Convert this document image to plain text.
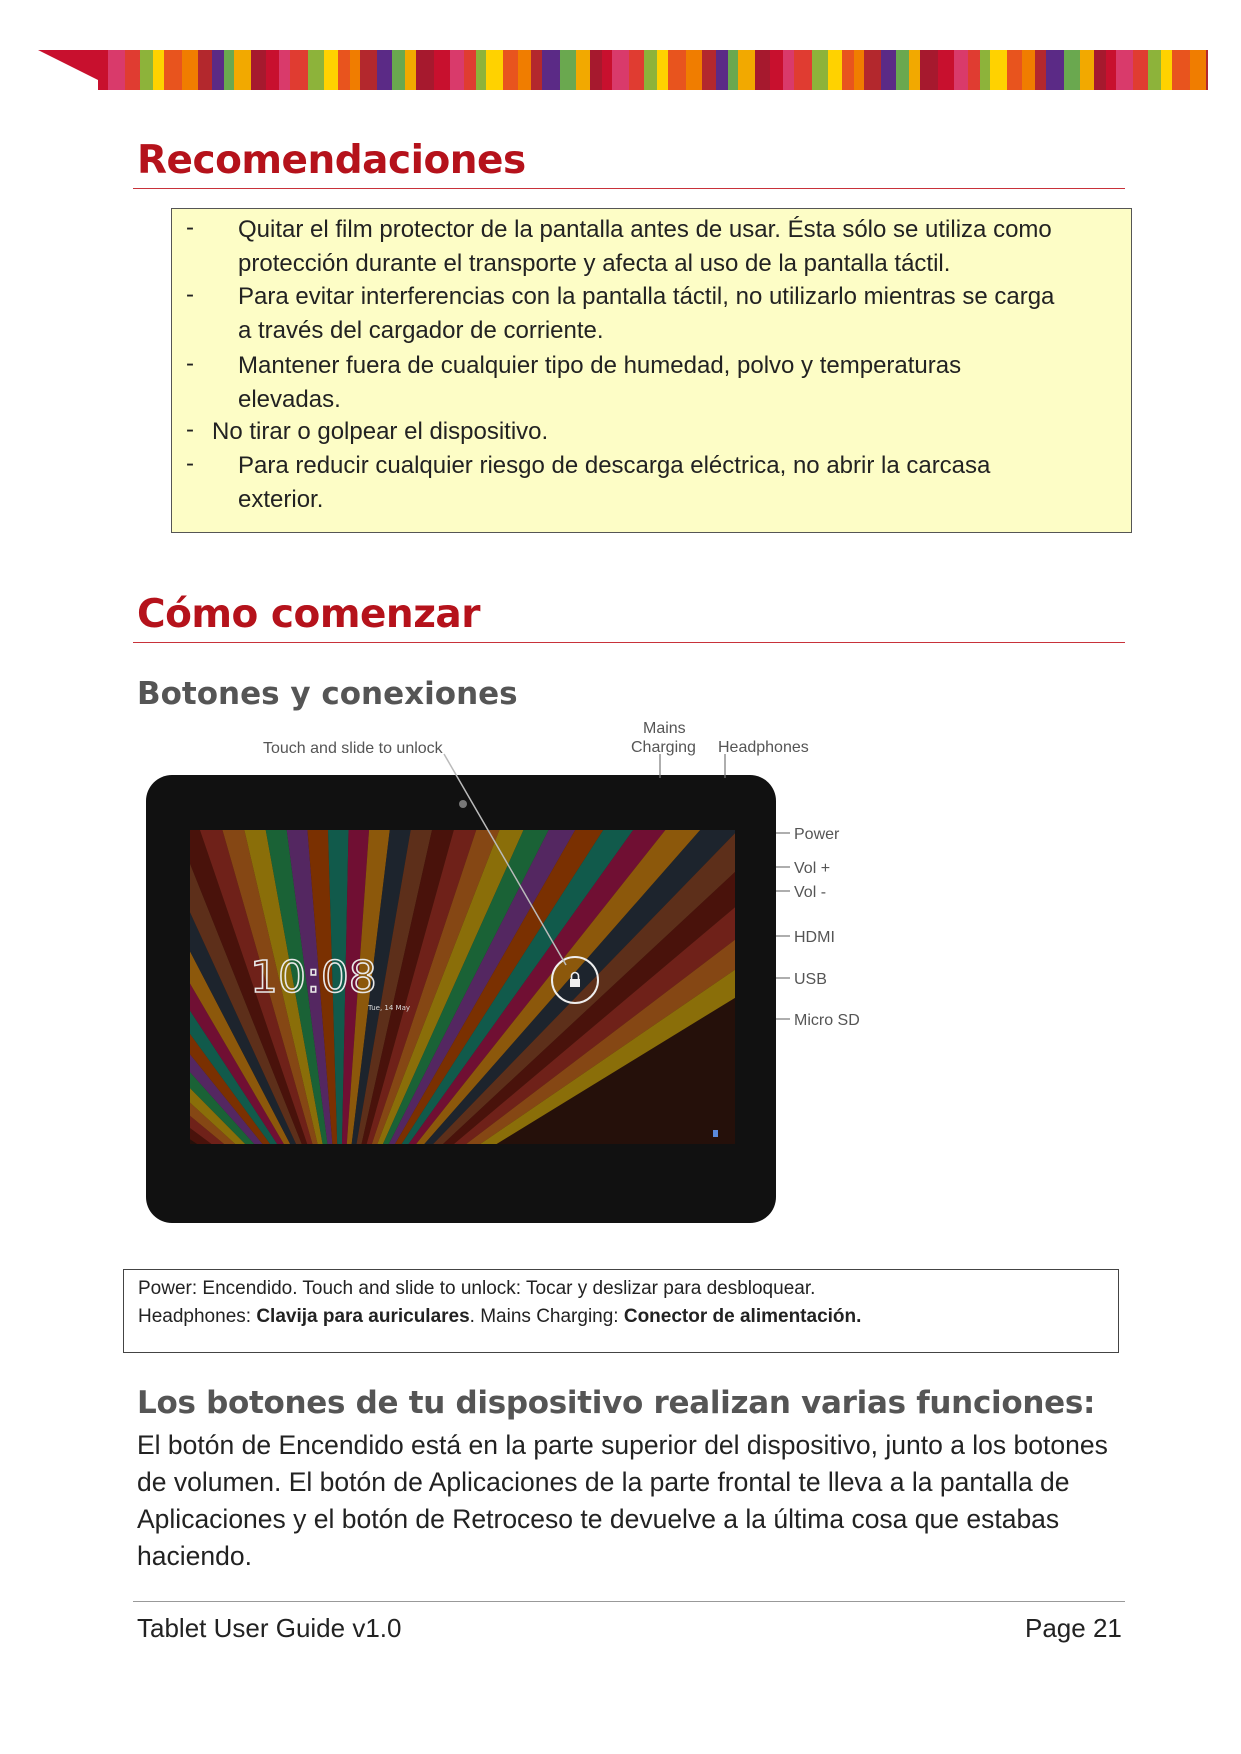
Recomendaciones
- Quitar el film protector de la pantalla antes de usar. Ésta sólo se utiliza como
protección durante el transporte y afecta al uso de la pantalla táctil.
- Para evitar interferencias con la pantalla táctil, no utilizarlo mientras se carga
a través del cargador de corriente.
- Mantener fuera de cualquier tipo de humedad, polvo y temperaturas
elevadas.
- No tirar o golpear el dispositivo.
- Para reducir cualquier riesgo de descarga eléctrica, no abrir la carcasa
exterior.
Cómo comenzar
Botones y conexiones
10:08
Tue, 14 May
Touch and slide to unlock
Mains
Charging Headphones
Power
Vol +
Vol -
HDMI
USB
Micro SD
Power: Encendido. Touch and slide to unlock: Tocar y deslizar para desbloquear.
Headphones: Clavija para auriculares. Mains Charging: Conector de alimentación.
Los botones de tu dispositivo realizan varias funciones:

El botón de Encendido está en la parte superior del dispositivo, junto a los botones de volumen. El botón de Aplicaciones de la parte frontal te lleva a la pantalla de Aplicaciones y el botón de Retroceso te devuelve a la última cosa que estabas haciendo.

Tablet User Guide v1.0	Page 21
